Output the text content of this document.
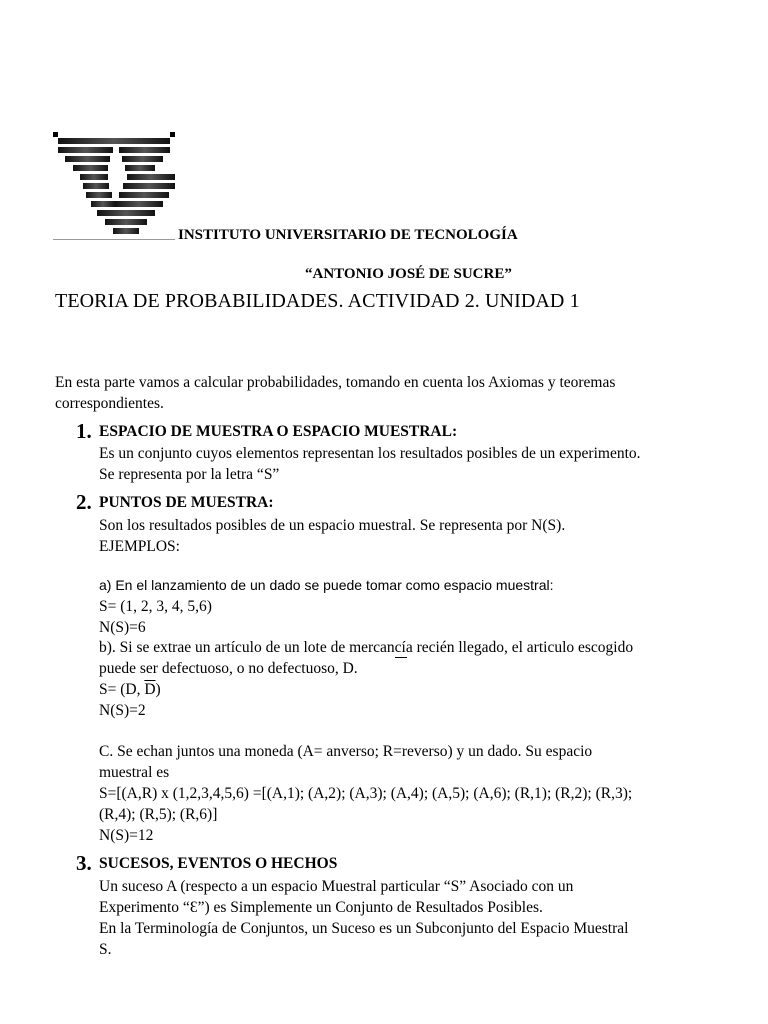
INSTITUTO UNIVERSITARIO DE TECNOLOGÍA
“ANTONIO JOSÉ DE SUCRE”
TEORIA DE PROBABILIDADES. ACTIVIDAD 2. UNIDAD 1
En esta parte vamos a calcular probabilidades, tomando en cuenta los Axiomas y teoremas
correspondientes.
1. ESPACIO DE MUESTRA O ESPACIO MUESTRAL:
Es un conjunto cuyos elementos representan los resultados posibles de un experimento.
Se representa por la letra “S”
2. PUNTOS DE MUESTRA:
Son los resultados posibles de un espacio muestral. Se representa por N(S).
EJEMPLOS:
a) En el lanzamiento de un dado se puede tomar como espacio muestral:
S= (1, 2, 3, 4, 5,6)
N(S)=6
b). Si se extrae un artículo de un lote de mercancía recién llegado, el articulo escogido
puede ser defectuoso, o no defectuoso, D.
S= (D, $\overline{D}$)
N(S)=2
C. Se echan juntos una moneda (A= anverso; R=reverso) y un dado. Su espacio
muestral es
S=[(A,R) x (1,2,3,4,5,6) =[(A,1); (A,2); (A,3); (A,4); (A,5); (A,6); (R,1); (R,2); (R,3);
(R,4); (R,5); (R,6)]
N(S)=12
3. SUCESOS, EVENTOS O HECHOS
Un suceso A (respecto a un espacio Muestral particular “S” Asociado con un
Experimento “Ɛ”) es Simplemente un Conjunto de Resultados Posibles.
En la Terminología de Conjuntos, un Suceso es un Subconjunto del Espacio Muestral
S.
